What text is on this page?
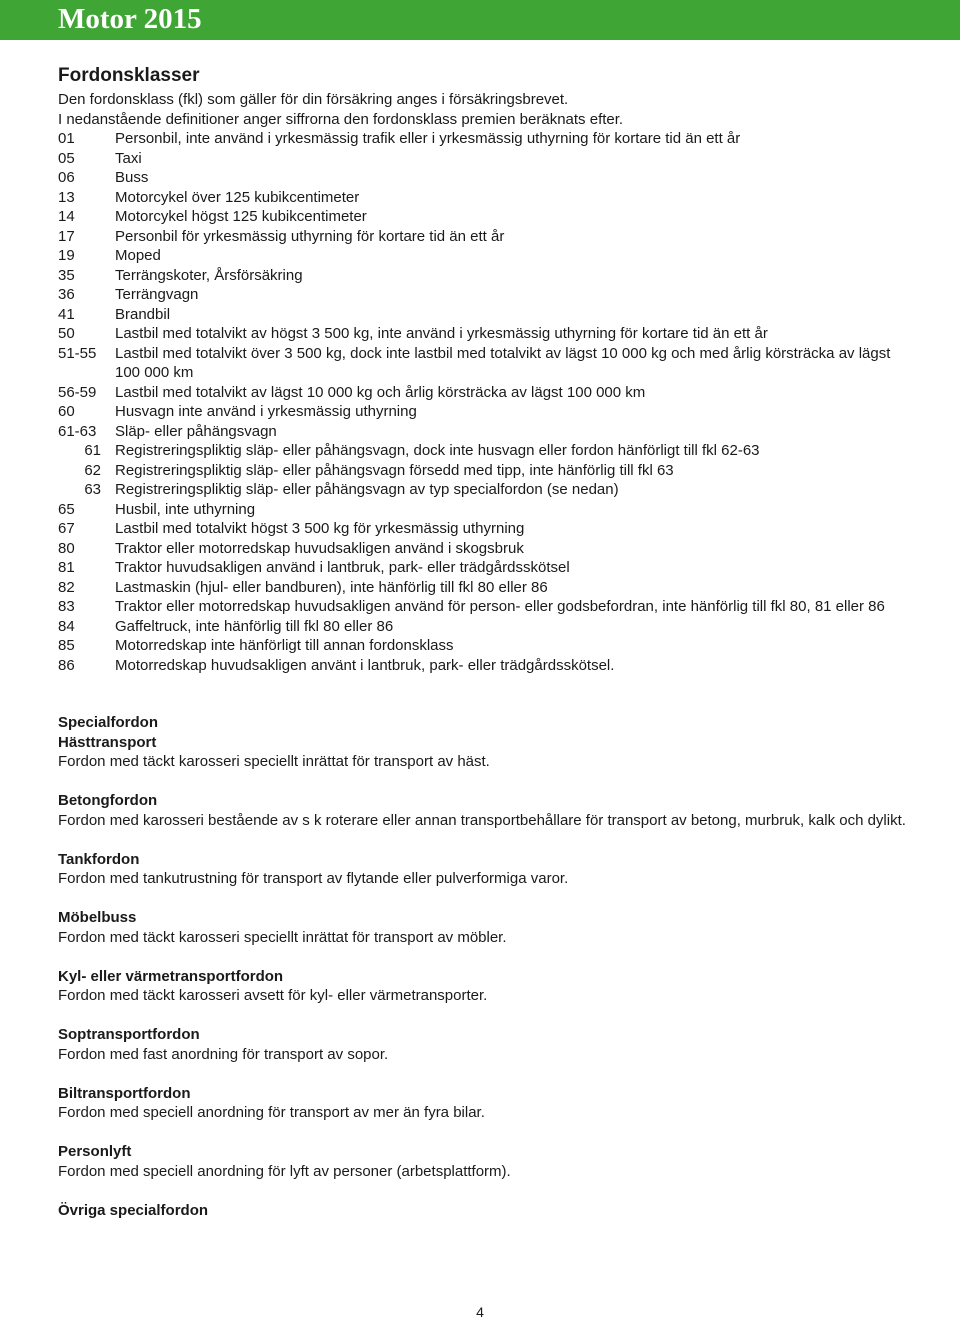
Motor 2015
Fordonsklasser

Den fordonsklass (fkl) som gäller för din försäkring anges i försäkringsbrevet.

I nedanstående definitioner anger siffrorna den fordonsklass premien beräknats efter.

01	Personbil, inte använd i yrkesmässig trafik eller i yrkesmässig uthyrning för kortare tid än ett år
05	Taxi
06	Buss
13	Motorcykel över 125 kubikcentimeter
14	Motorcykel högst 125 kubikcentimeter
17	Personbil för yrkesmässig uthyrning för kortare tid än ett år
19	Moped
35	Terrängskoter, Årsförsäkring
36	Terrängvagn
41	Brandbil
50	Lastbil med totalvikt av högst 3 500 kg, inte använd i yrkesmässig uthyrning för kortare tid än ett år
51-55	Lastbil med totalvikt över 3 500 kg, dock inte lastbil med totalvikt av lägst 10 000 kg och med årlig körsträcka av lägst 100 000 km
56-59	Lastbil med totalvikt av lägst 10 000 kg och årlig körsträcka av lägst 100 000 km
60	Husvagn inte använd i yrkesmässig uthyrning
61-63	Släp- eller påhängsvagn
61 Registreringspliktig släp- eller påhängsvagn, dock inte husvagn eller fordon hänförligt till fkl 62-63
62 Registreringspliktig släp- eller påhängsvagn försedd med tipp, inte hänförlig till fkl 63
63 Registreringspliktig släp- eller påhängsvagn av typ specialfordon (se nedan)
65	Husbil, inte uthyrning
67	Lastbil med totalvikt högst 3 500 kg för yrkesmässig uthyrning
80	Traktor eller motorredskap huvudsakligen använd i skogsbruk
81	Traktor huvudsakligen använd i lantbruk, park- eller trädgårdsskötsel
82	Lastmaskin (hjul- eller bandburen), inte hänförlig till fkl 80 eller 86
83	Traktor eller motorredskap huvudsakligen använd för person- eller godsbefordran, inte hänförlig till fkl 80, 81 eller 86
84	Gaffeltruck, inte hänförlig till fkl 80 eller 86
85	Motorredskap inte hänförligt till annan fordonsklass
86	Motorredskap huvudsakligen använt i lantbruk, park- eller trädgårdsskötsel.

Specialfordon

Hästtransport

Fordon med täckt karosseri speciellt inrättat för transport av häst.

Betongfordon

Fordon med karosseri bestående av s k roterare eller annan transportbehållare för transport av betong, murbruk, kalk och dylikt.

Tankfordon

Fordon med tankutrustning för transport av flytande eller pulverformiga varor.

Möbelbuss

Fordon med täckt karosseri speciellt inrättat för transport av möbler.

Kyl- eller värmetransportfordon

Fordon med täckt karosseri avsett för kyl- eller värmetransporter.

Soptransportfordon

Fordon med fast anordning för transport av sopor.

Biltransportfordon

Fordon med speciell anordning för transport av mer än fyra bilar.

Personlyft

Fordon med speciell anordning för lyft av personer (arbetsplattform).

Övriga specialfordon

4
